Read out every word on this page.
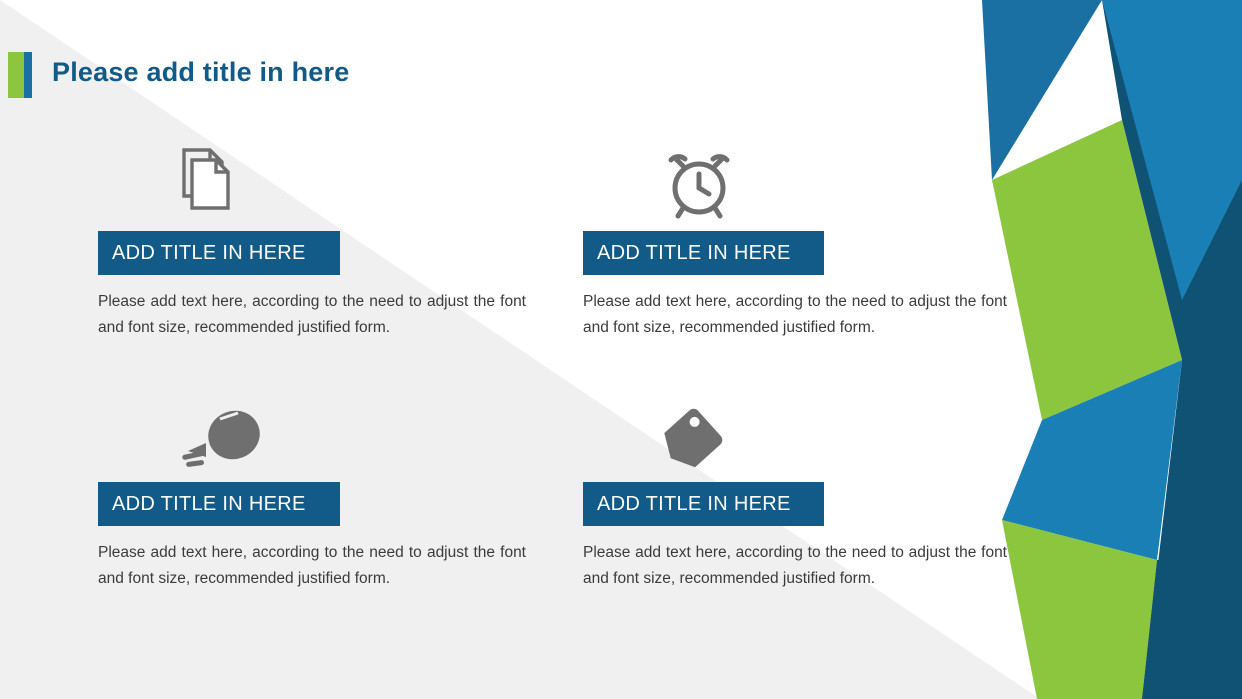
Please add title in here
ADD TITLE IN HERE
Please add text here, according to the need to adjust the font and font size, recommended justified form.
ADD TITLE IN HERE
Please add text here, according to the need to adjust the font and font size, recommended justified form.
ADD TITLE IN HERE
Please add text here, according to the need to adjust the font and font size, recommended justified form.
ADD TITLE IN HERE
Please add text here, according to the need to adjust the font and font size, recommended justified form.
